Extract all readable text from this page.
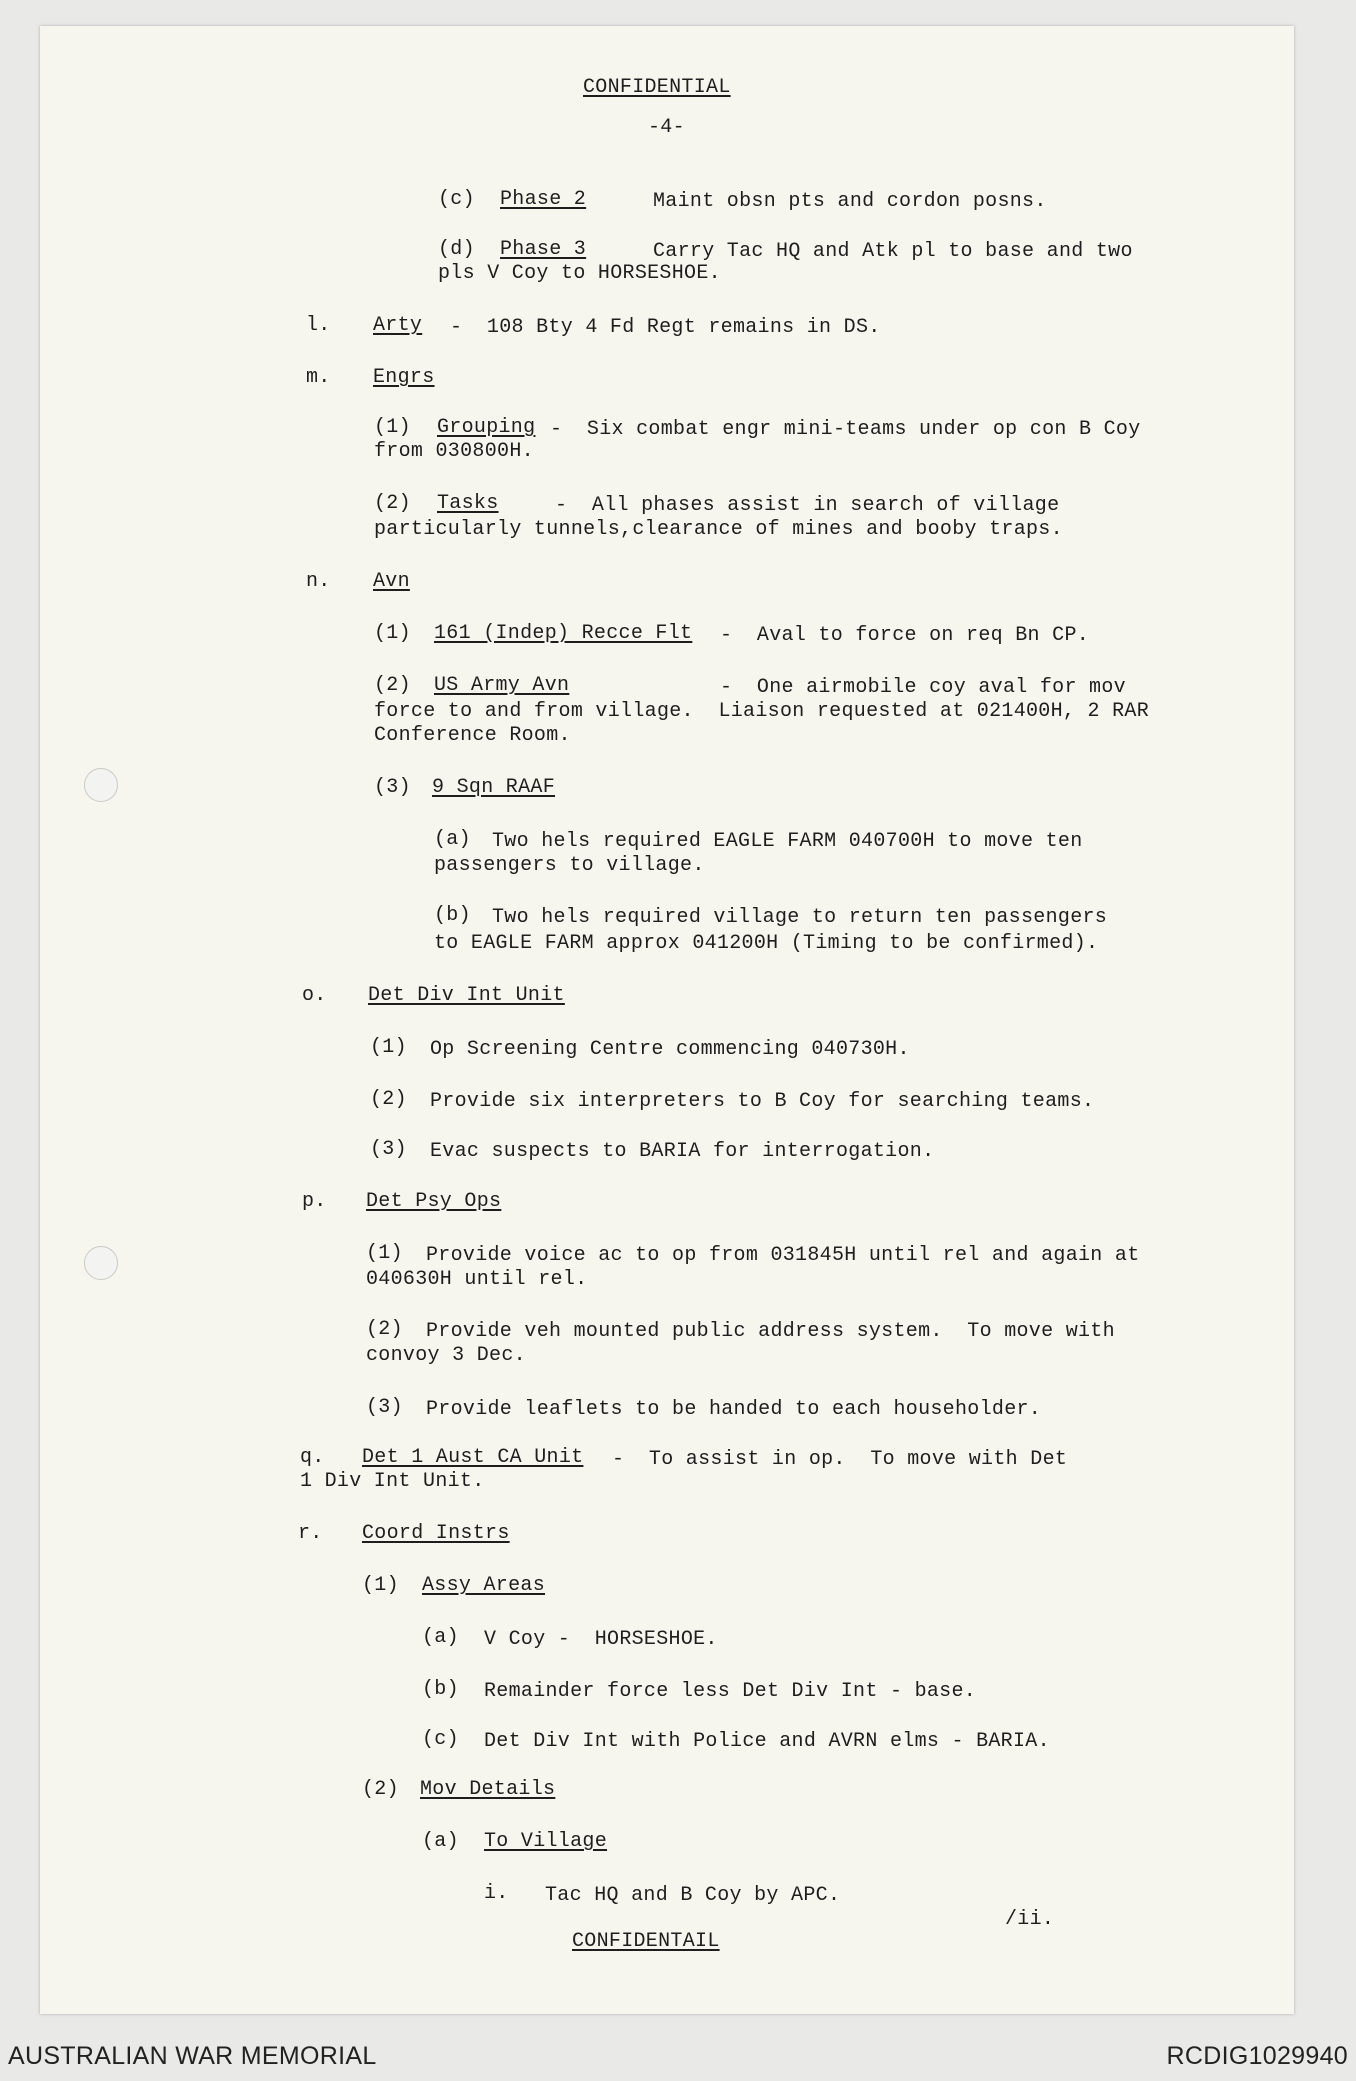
CONFIDENTIAL
-4-
(c) Phase 2	Maint obsn pts and cordon posns.
(d) Phase 3	Carry Tac HQ and Atk pl to base and two
pls V Coy to HORSESHOE.
l. Arty -  108 Bty 4 Fd Regt remains in DS.
m. Engrs
(1) Grouping -  Six combat engr mini-teams under op con B Coy
from 030800H.
(2) Tasks	-  All phases assist in search of village
particularly tunnels,clearance of mines and booby traps.
n. Avn
(1) 161 (Indep) Recce Flt -  Aval to force on req Bn CP.
(2) US Army Avn	-  One airmobile coy aval for mov
force to and from village.  Liaison requested at 021400H, 2 RAR
Conference Room.
(3) 9 Sqn RAAF
(a) Two hels required EAGLE FARM 040700H to move ten
passengers to village.
(b) Two hels required village to return ten passengers
to EAGLE FARM approx 041200H (Timing to be confirmed).
o. Det Div Int Unit
(1) Op Screening Centre commencing 040730H.
(2) Provide six interpreters to B Coy for searching teams.
(3) Evac suspects to BARIA for interrogation.
p. Det Psy Ops
(1) Provide voice ac to op from 031845H until rel and again at
040630H until rel.
(2) Provide veh mounted public address system.  To move with
convoy 3 Dec.
(3) Provide leaflets to be handed to each householder.
q. Det 1 Aust CA Unit -  To assist in op.  To move with Det
1 Div Int Unit.
r. Coord Instrs
(1) Assy Areas
(a) V Coy -  HORSESHOE.
(b) Remainder force less Det Div Int - base.
(c) Det Div Int with Police and AVRN elms - BARIA.
(2) Mov Details
(a) To Village
i. Tac HQ and B Coy by APC.
/ii.
CONFIDENTAIL
AUSTRALIAN WAR MEMORIAL	RCDIG1029940
